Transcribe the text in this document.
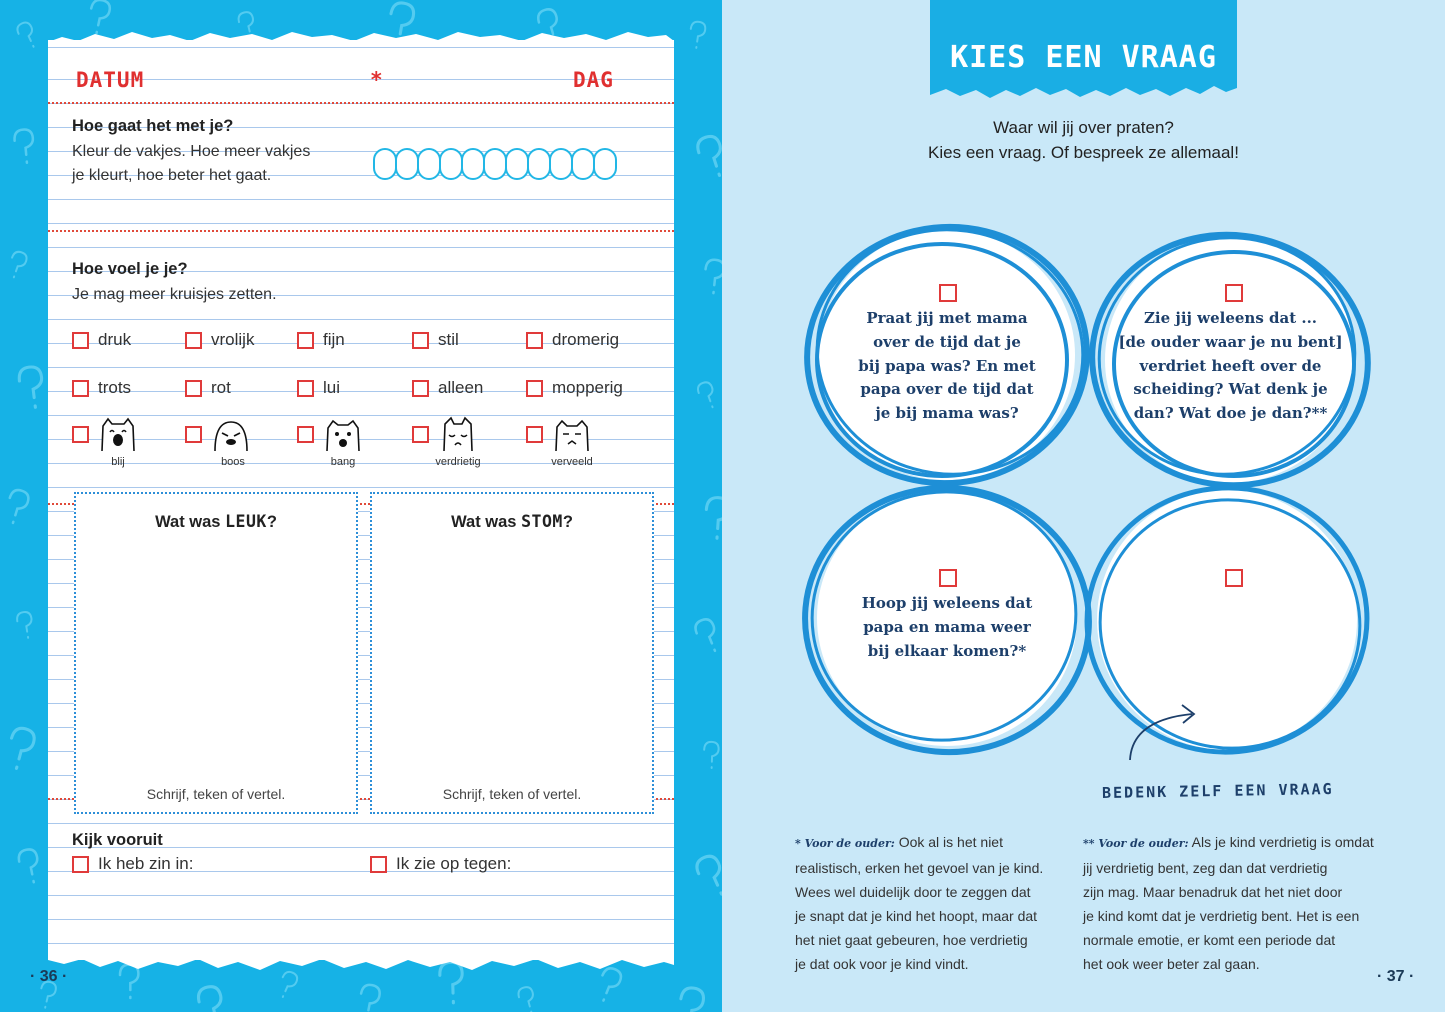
DATUM	*	DAG
Hoe gaat het met je?
Kleur de vakjes. Hoe meer vakjes
je kleurt, hoe beter het gaat.
Hoe voel je je?
Je mag meer kruisjes zetten.
druk	vrolijk	fijn	stil	dromerig
trots	rot	lui	alleen	mopperig
blij	boos	bang	verdrietig	verveeld
Wat was LEUK?
Schrijf, teken of vertel.
Wat was STOM?
Schrijf, teken of vertel.
Kijk vooruit
Ik heb zin in:	Ik zie op tegen:
· 36 ·
KIES EEN VRAAG
Waar wil jij over praten?
Kies een vraag. Of bespreek ze allemaal!
Praat jij met mama
over de tijd dat je
bij papa was? En met
papa over de tijd dat
je bij mama was?
Zie jij weleens dat ...
[de ouder waar je nu bent]
verdriet heeft over de
scheiding? Wat denk je
dan? Wat doe je dan?**
Hoop jij weleens dat
papa en mama weer
bij elkaar komen?*
BEDENK ZELF EEN VRAAG
* Voor de ouder: Ook al is het niet
realistisch, erken het gevoel van je kind.
Wees wel duidelijk door te zeggen dat
je snapt dat je kind het hoopt, maar dat
het niet gaat gebeuren, hoe verdrietig
je dat ook voor je kind vindt.
** Voor de ouder: Als je kind verdrietig is omdat
jij verdrietig bent, zeg dan dat verdrietig
zijn mag. Maar benadruk dat het niet door
je kind komt dat je verdrietig bent. Het is een
normale emotie, er komt een periode dat
het ook weer beter zal gaan.
· 37 ·
